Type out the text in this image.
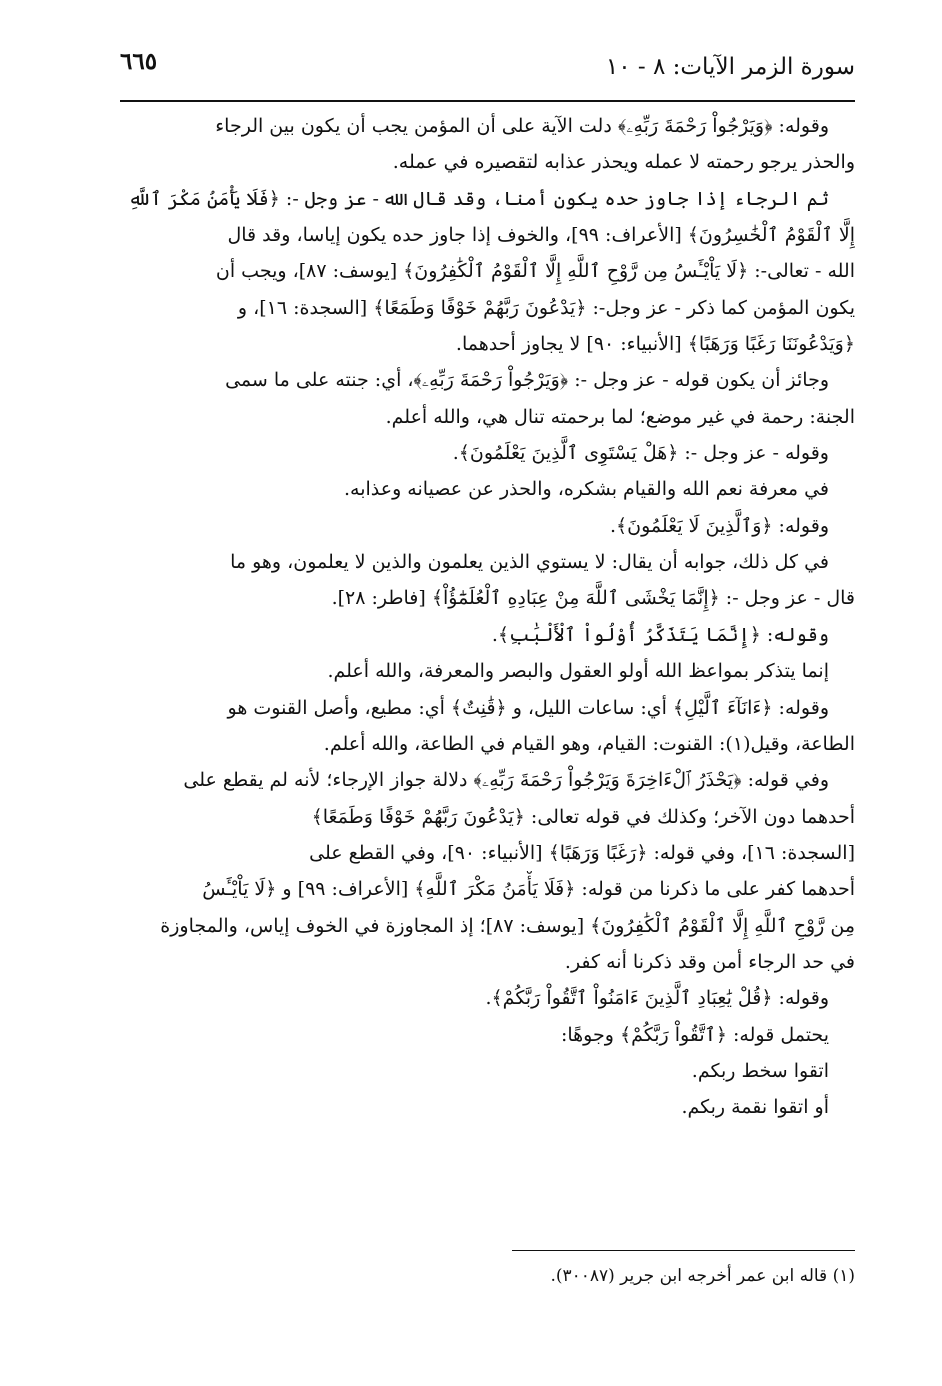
سورة الزمر الآيات: ٨ - ١٠
٦٦٥
وقوله: ﴿وَيَرْجُواْ رَحْمَةَ رَبِّهِۦ﴾ دلت الآية على أن المؤمن يجب أن يكون بين الرجاء
والحذر يرجو رحمته لا عمله ويحذر عذابه لتقصيره في عمله.
ثم الرجاء إذا جاوز حده يكون أمنا، وقد قال الله - عز وجل -: ﴿فَلَا يَأْمَنُ مَكْرَ ٱللَّهِ
إِلَّا ٱلْقَوْمُ ٱلْخَٰسِرُونَ﴾ [الأعراف: ٩٩]، والخوف إذا جاوز حده يكون إياسا، وقد قال
الله - تعالى-: ﴿لَا يَاْيْـَٔسُ مِن رَّوْحِ ٱللَّهِ إِلَّا ٱلْقَوْمُ ٱلْكَٰفِرُونَ﴾ [يوسف: ٨٧]، ويجب أن
يكون المؤمن كما ذكر - عز وجل-: ﴿يَدْعُونَ رَبَّهُمْ خَوْفًا وَطَمَعًا﴾ [السجدة: ١٦]، و
﴿وَيَدْعُونَنَا رَغَبًا وَرَهَبًا﴾ [الأنبياء: ٩٠] لا يجاوز أحدهما.
وجائز أن يكون قوله - عز وجل -: ﴿وَيَرْجُواْ رَحْمَةَ رَبِّهِۦ﴾، أي: جنته على ما سمى
الجنة: رحمة في غير موضع؛ لما برحمته تنال هي، والله أعلم.
وقوله - عز وجل -: ﴿هَلْ يَسْتَوِى ٱلَّذِينَ يَعْلَمُونَ﴾.
في معرفة نعم الله والقيام بشكره، والحذر عن عصيانه وعذابه.
وقوله: ﴿وَٱلَّذِينَ لَا يَعْلَمُونَ﴾.
في كل ذلك، جوابه أن يقال: لا يستوي الذين يعلمون والذين لا يعلمون، وهو ما
قال - عز وجل -: ﴿إِنَّمَا يَخْشَى ٱللَّهَ مِنْ عِبَادِهِ ٱلْعُلَمَٰٓؤُاْ﴾ [فاطر: ٢٨].
وقوله: ﴿إِنَّمَا يَتَذَكَّرُ أُوْلُواْ ٱلْأَلْبَٰبِ﴾.
إنما يتذكر بمواعظ الله أولو العقول والبصر والمعرفة، والله أعلم.
وقوله: ﴿ءَانَآءَ ٱلَّيْلِ﴾ أي: ساعات الليل، و ﴿قَٰنِتٌ﴾ أي: مطيع، وأصل القنوت هو
الطاعة، وقيل(١): القنوت: القيام، وهو القيام في الطاعة، والله أعلم.
وفي قوله: ﴿يَحْذَرُ ٱلْءَاخِرَةَ وَيَرْجُواْ رَحْمَةَ رَبِّهِۦ﴾ دلالة جواز الإرجاء؛ لأنه لم يقطع على
أحدهما دون الآخر؛ وكذلك في قوله تعالى: ﴿يَدْعُونَ رَبَّهُمْ خَوْفًا وَطَمَعًا﴾
[السجدة: ١٦]، وفي قوله: ﴿رَغَبًا وَرَهَبًا﴾ [الأنبياء: ٩٠]، وفي القطع على
أحدهما كفر على ما ذكرنا من قوله: ﴿فَلَا يَأْمَنُ مَكْرَ ٱللَّهِ﴾ [الأعراف: ٩٩] و ﴿لَا يَاْيْـَٔسُ
مِن رَّوْحِ ٱللَّهِ إِلَّا ٱلْقَوْمُ ٱلْكَٰفِرُونَ﴾ [يوسف: ٨٧]؛ إذ المجاوزة في الخوف إياس، والمجاوزة
في حد الرجاء أمن وقد ذكرنا أنه كفر.
وقوله: ﴿قُلْ يَٰعِبَادِ ٱلَّذِينَ ءَامَنُواْ ٱتَّقُواْ رَبَّكُمْ﴾.
يحتمل قوله: ﴿ٱتَّقُواْ رَبَّكُمْ﴾ وجوهًا:
اتقوا سخط ربكم.
أو اتقوا نقمة ربكم.
(١) قاله ابن عمر أخرجه ابن جرير (٣٠٠٨٧).
